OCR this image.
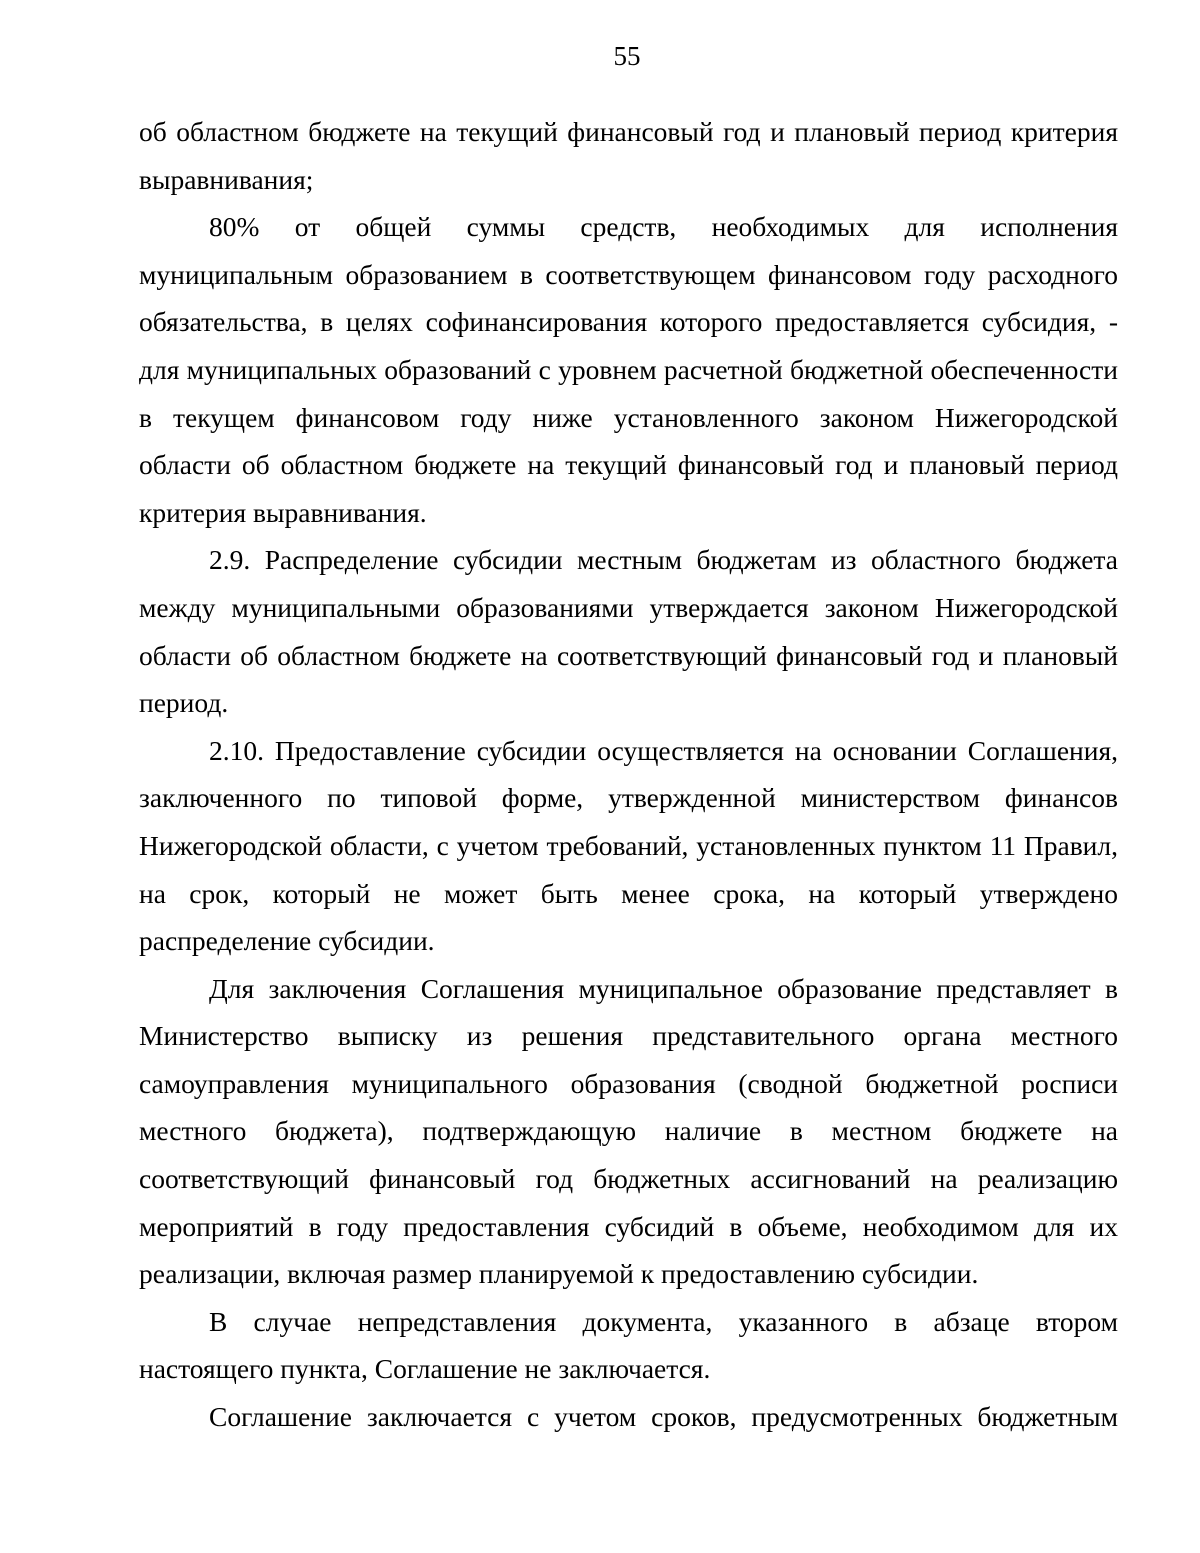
55

об областном бюджете на текущий финансовый год и плановый период критерия выравнивания;

80% от общей суммы средств, необходимых для исполнения муниципальным образованием в соответствующем финансовом году расходного обязательства, в целях софинансирования которого предоставляется субсидия, - для муниципальных образований с уровнем расчетной бюджетной обеспеченности в текущем финансовом году ниже установленного законом Нижегородской области об областном бюджете на текущий финансовый год и плановый период критерия выравнивания.

2.9. Распределение субсидии местным бюджетам из областного бюджета между муниципальными образованиями утверждается законом Нижегородской области об областном бюджете на соответствующий финансовый год и плановый период.

2.10. Предоставление субсидии осуществляется на основании Соглашения, заключенного по типовой форме, утвержденной министерством финансов Нижегородской области, с учетом требований, установленных пунктом 11 Правил, на срок, который не может быть менее срока, на который утверждено распределение субсидии.

Для заключения Соглашения муниципальное образование представляет в Министерство выписку из решения представительного органа местного самоуправления муниципального образования (сводной бюджетной росписи местного бюджета), подтверждающую наличие в местном бюджете на соответствующий финансовый год бюджетных ассигнований на реализацию мероприятий в году предоставления субсидий в объеме, необходимом для их реализации, включая размер планируемой к предоставлению субсидии.

В случае непредставления документа, указанного в абзаце втором настоящего пункта, Соглашение не заключается.

Соглашение заключается с учетом сроков, предусмотренных бюджетным
